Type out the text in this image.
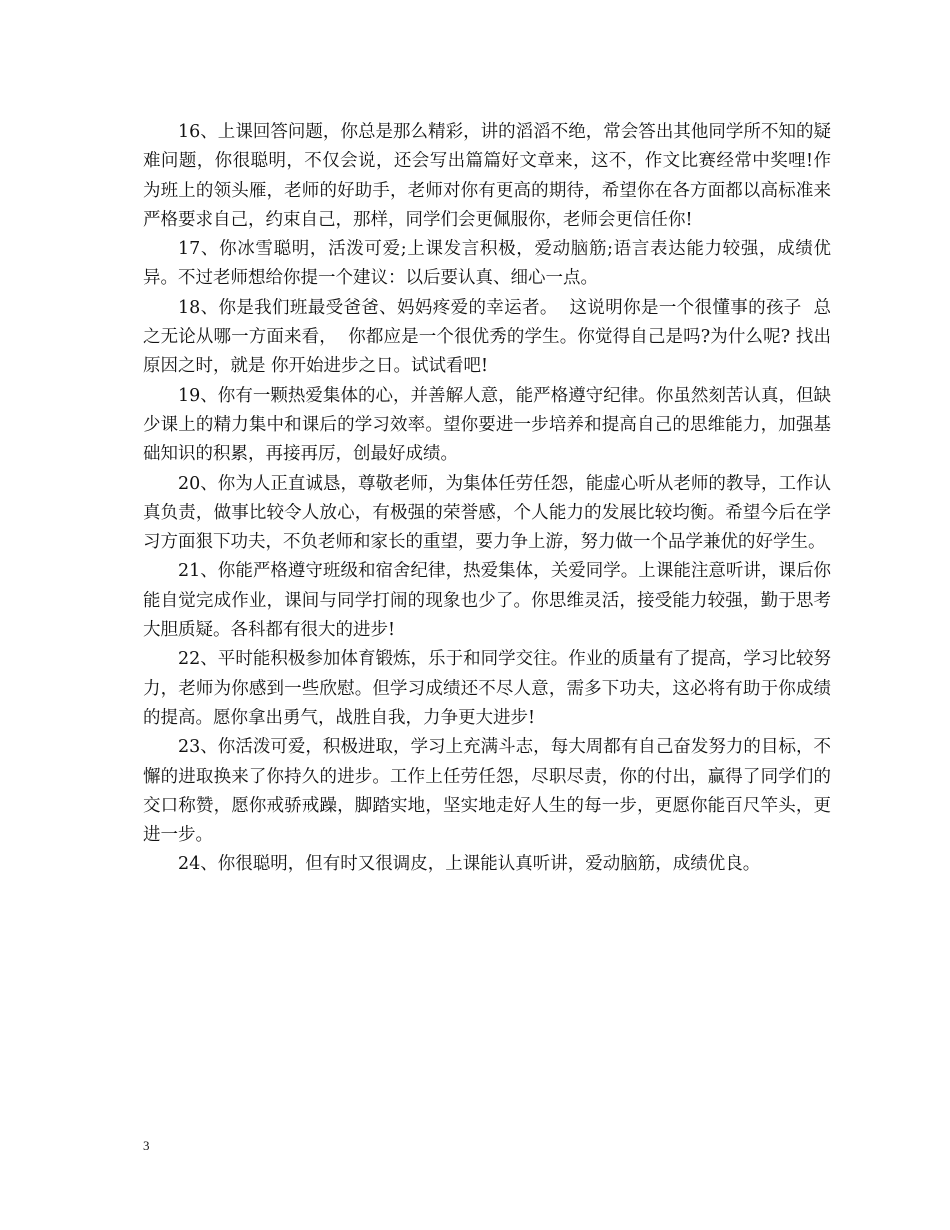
16、上课回答问题，你总是那么精彩，讲的滔滔不绝，常会答出其他同学所不知的疑难问题，你很聪明，不仅会说，还会写出篇篇好文章来，这不，作文比赛经常中奖哩!作为班上的领头雁，老师的好助手，老师对你有更高的期待，希望你在各方面都以高标准来严格要求自己，约束自己，那样，同学们会更佩服你，老师会更信任你!

17、你冰雪聪明，活泼可爱;上课发言积极，爱动脑筋;语言表达能力较强，成绩优异。不过老师想给你提一个建议：以后要认真、细心一点。

18、你是我们班最受爸爸、妈妈疼爱的幸运者。  这说明你是一个很懂事的孩子  总之无论从哪一方面来看，  你都应是一个很优秀的学生。你觉得自己是吗?为什么呢? 找出原因之时，就是 你开始进步之日。试试看吧!

19、你有一颗热爱集体的心，并善解人意，能严格遵守纪律。你虽然刻苦认真，但缺少课上的精力集中和课后的学习效率。望你要进一步培养和提高自己的思维能力，加强基础知识的积累，再接再厉，创最好成绩。

20、你为人正直诚恳，尊敬老师，为集体任劳任怨，能虚心听从老师的教导，工作认真负责，做事比较令人放心，有极强的荣誉感，个人能力的发展比较均衡。希望今后在学习方面狠下功夫，不负老师和家长的重望，要力争上游，努力做一个品学兼优的好学生。

21、你能严格遵守班级和宿舍纪律，热爱集体，关爱同学。上课能注意听讲，课后你能自觉完成作业，课间与同学打闹的现象也少了。你思维灵活，接受能力较强，勤于思考大胆质疑。各科都有很大的进步!

22、平时能积极参加体育锻炼，乐于和同学交往。作业的质量有了提高，学习比较努力，老师为你感到一些欣慰。但学习成绩还不尽人意，需多下功夫，这必将有助于你成绩的提高。愿你拿出勇气，战胜自我，力争更大进步!

23、你活泼可爱，积极进取，学习上充满斗志，每大周都有自己奋发努力的目标，不懈的进取换来了你持久的进步。工作上任劳任怨，尽职尽责，你的付出，赢得了同学们的交口称赞，愿你戒骄戒躁，脚踏实地，坚实地走好人生的每一步，更愿你能百尺竿头，更进一步。

24、你很聪明，但有时又很调皮，上课能认真听讲，爱动脑筋，成绩优良。

3
